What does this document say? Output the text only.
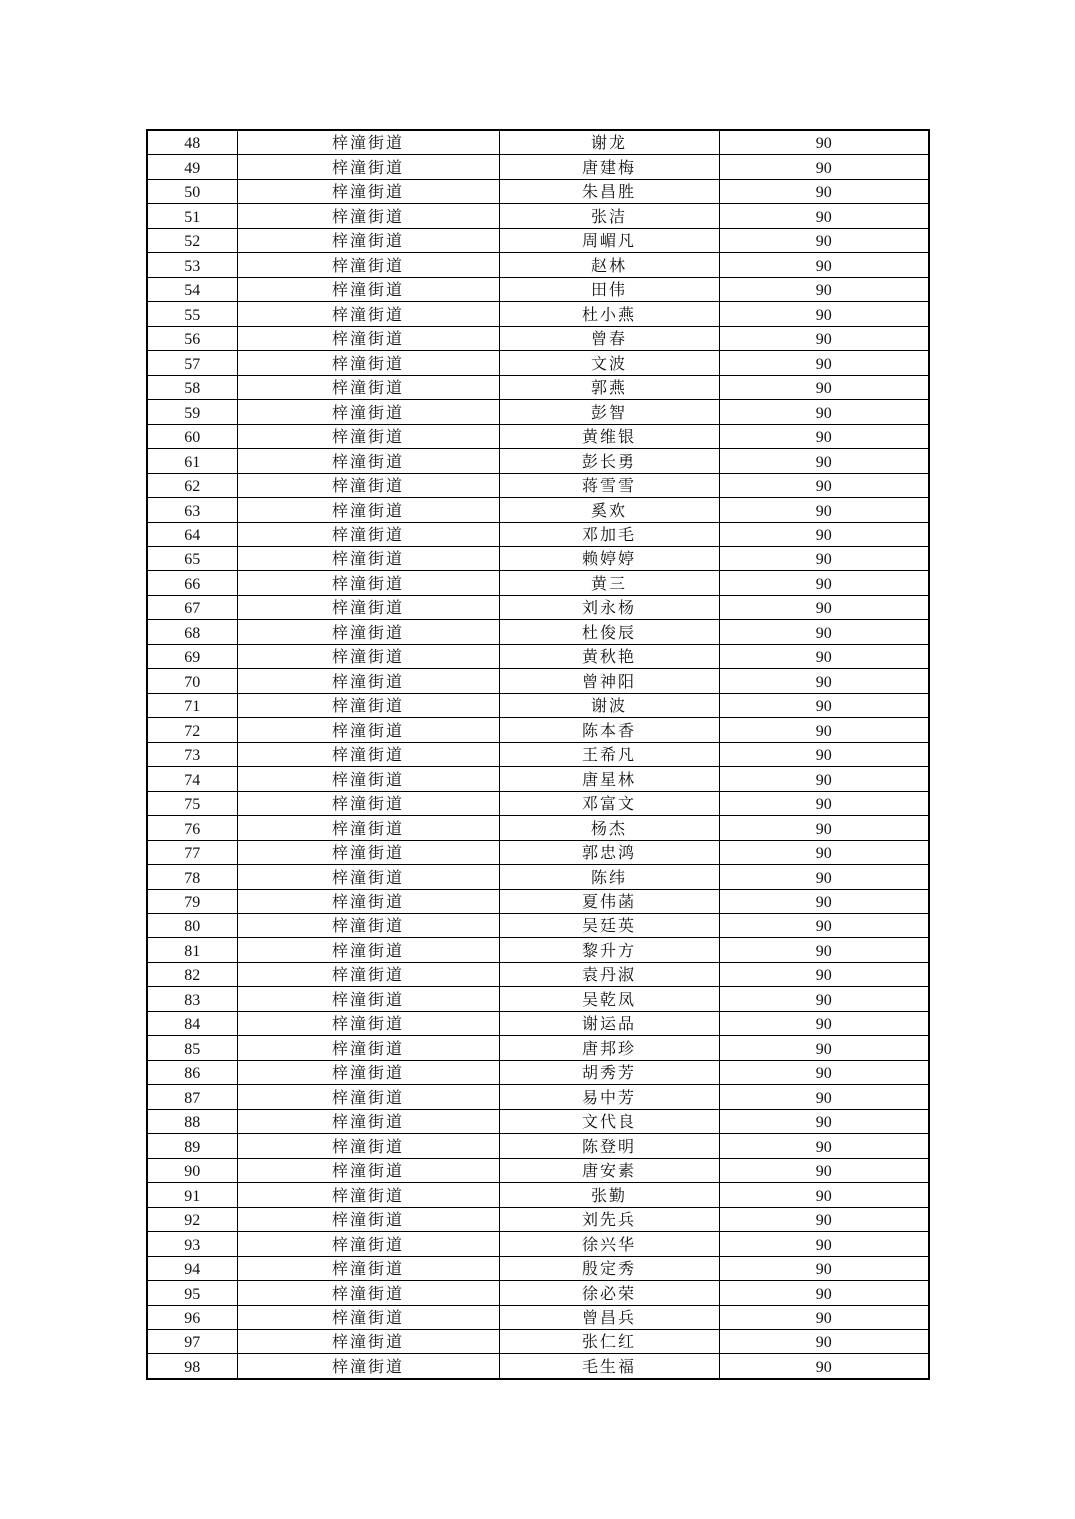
48	梓潼街道	谢龙	90
49	梓潼街道	唐建梅	90
50	梓潼街道	朱昌胜	90
51	梓潼街道	张洁	90
52	梓潼街道	周嵋凡	90
53	梓潼街道	赵林	90
54	梓潼街道	田伟	90
55	梓潼街道	杜小燕	90
56	梓潼街道	曾春	90
57	梓潼街道	文波	90
58	梓潼街道	郭燕	90
59	梓潼街道	彭智	90
60	梓潼街道	黄维银	90
61	梓潼街道	彭长勇	90
62	梓潼街道	蒋雪雪	90
63	梓潼街道	奚欢	90
64	梓潼街道	邓加毛	90
65	梓潼街道	赖婷婷	90
66	梓潼街道	黄三	90
67	梓潼街道	刘永杨	90
68	梓潼街道	杜俊辰	90
69	梓潼街道	黄秋艳	90
70	梓潼街道	曾神阳	90
71	梓潼街道	谢波	90
72	梓潼街道	陈本香	90
73	梓潼街道	王希凡	90
74	梓潼街道	唐星林	90
75	梓潼街道	邓富文	90
76	梓潼街道	杨杰	90
77	梓潼街道	郭忠鸿	90
78	梓潼街道	陈纬	90
79	梓潼街道	夏伟菡	90
80	梓潼街道	吴廷英	90
81	梓潼街道	黎升方	90
82	梓潼街道	袁丹淑	90
83	梓潼街道	吴乾凤	90
84	梓潼街道	谢运品	90
85	梓潼街道	唐邦珍	90
86	梓潼街道	胡秀芳	90
87	梓潼街道	易中芳	90
88	梓潼街道	文代良	90
89	梓潼街道	陈登明	90
90	梓潼街道	唐安素	90
91	梓潼街道	张勤	90
92	梓潼街道	刘先兵	90
93	梓潼街道	徐兴华	90
94	梓潼街道	殷定秀	90
95	梓潼街道	徐必荣	90
96	梓潼街道	曾昌兵	90
97	梓潼街道	张仁红	90
98	梓潼街道	毛生福	90
